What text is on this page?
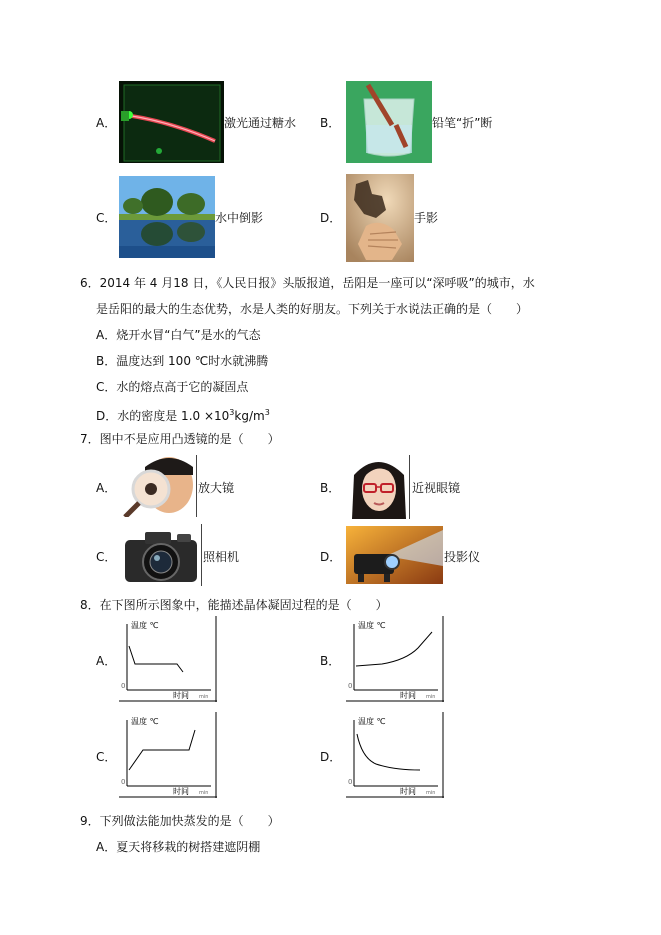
A．	激光通过糖水 B．	铅笔“折”断
C．	水中倒影	D．	手影
6．2014 年 4 月18 日，《人民日报》头版报道，岳阳是一座可以“深呼吸”的城市，水
是岳阳的最大的生态优势，水是人类的好朋友。下列关于水说法正确的是（　　）
A．烧开水冒“白气”是水的气态
B．温度达到 100 ℃时水就沸腾
C．水的熔点高于它的凝固点
D．水的密度是 $1.0 \times 10^3kg/m^3$
7．图中不是应用凸透镜的是（　　）
A．	放大镜	B．	近视眼镜
C．	照相机	D．	投影仪
8．在下图所示图象中，能描述晶体凝固过程的是（　　）
A．
温度 ℃
0
时间 min
B．
温度 ℃
0
时间 min
C．
温度 ℃
0
时间 min
D．
温度 ℃
0
时间 min
9．下列做法能加快蒸发的是（　　）
A．夏天将移栽的树搭建遮阴棚
